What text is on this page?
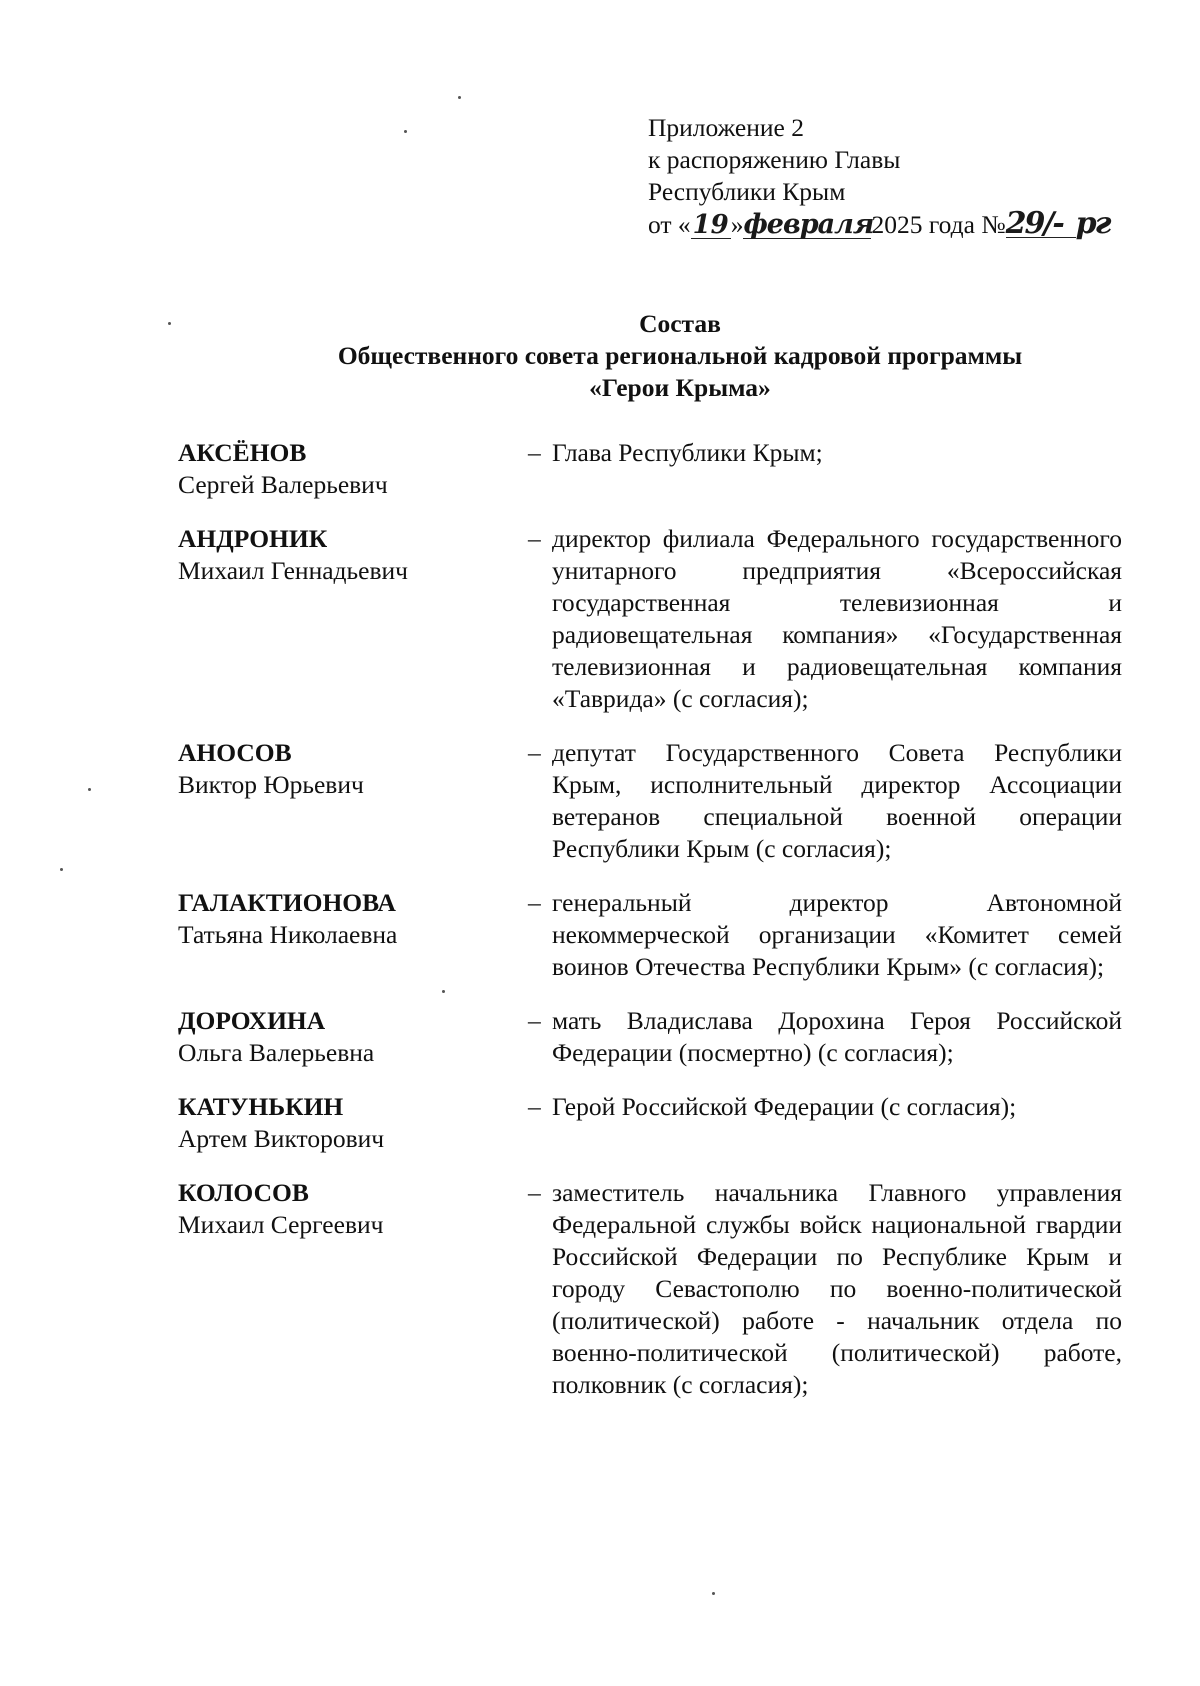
Приложение 2
к распоряжению Главы
Республики Крым
от «19»февраля2025 года №29/- рг
Состав
Общественного совета региональной кадровой программы
«Герои Крыма»
АКСЁНОВ
Сергей Валерьевич
– Глава Республики Крым;
АНДРОНИК
Михаил Геннадьевич
– директор филиала Федерального государственного унитарного предприятия «Всероссийская государственная телевизионная и радиовещательная компания» «Государственная телевизионная и радиовещательная компания «Таврида» (с согласия);
АНОСОВ
Виктор Юрьевич
– депутат Государственного Совета Республики Крым, исполнительный директор Ассоциации ветеранов специальной военной операции Республики Крым (с согласия);
ГАЛАКТИОНОВА
Татьяна Николаевна
– генеральный директор Автономной некоммерческой организации «Комитет семей воинов Отечества Республики Крым» (с согласия);
ДОРОХИНА
Ольга Валерьевна
– мать Владислава Дорохина Героя Российской Федерации (посмертно) (с согласия);
КАТУНЬКИН
Артем Викторович
– Герой Российской Федерации (с согласия);
КОЛОСОВ
Михаил Сергеевич
– заместитель начальника Главного управления Федеральной службы войск национальной гвардии Российской Федерации по Республике Крым и городу Севастополю по военно-политической (политической) работе - начальник отдела по военно-политической (политической) работе, полковник (с согласия);
